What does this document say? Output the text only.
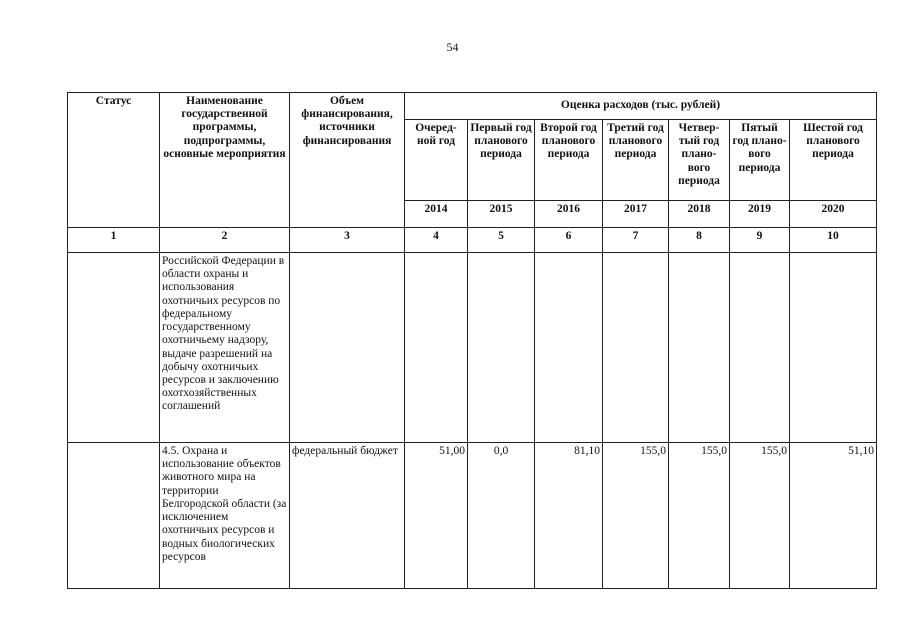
54
Статус	Наименование государственной программы, подпрограммы, основные мероприятия	Объем финансирования, источники финансирования	Оценка расходов (тыс. рублей)						
			Очеред-ной год	Первый год планового периода	Второй год планового периода	Третий год планового периода	Четвер-тый год плано-вого периода	Пятый год плано-вого периода	Шестой год планового периода
			2014	2015	2016	2017	2018	2019	2020
1	2	3	4	5	6	7	8	9	10
	Российской Федерации в области охраны и использования охотничьих ресурсов по федеральному государственному охотничьему надзору, выдаче разрешений на добычу охотничьих ресурсов и заключению охотхозяйственных соглашений								
	4.5. Охрана и использование объектов животного мира на территории Белгородской области (за исключением охотничьих ресурсов и водных биологических ресурсов	федеральный бюджет	51,00	0,0	81,10	155,0	155,0	155,0	51,10
